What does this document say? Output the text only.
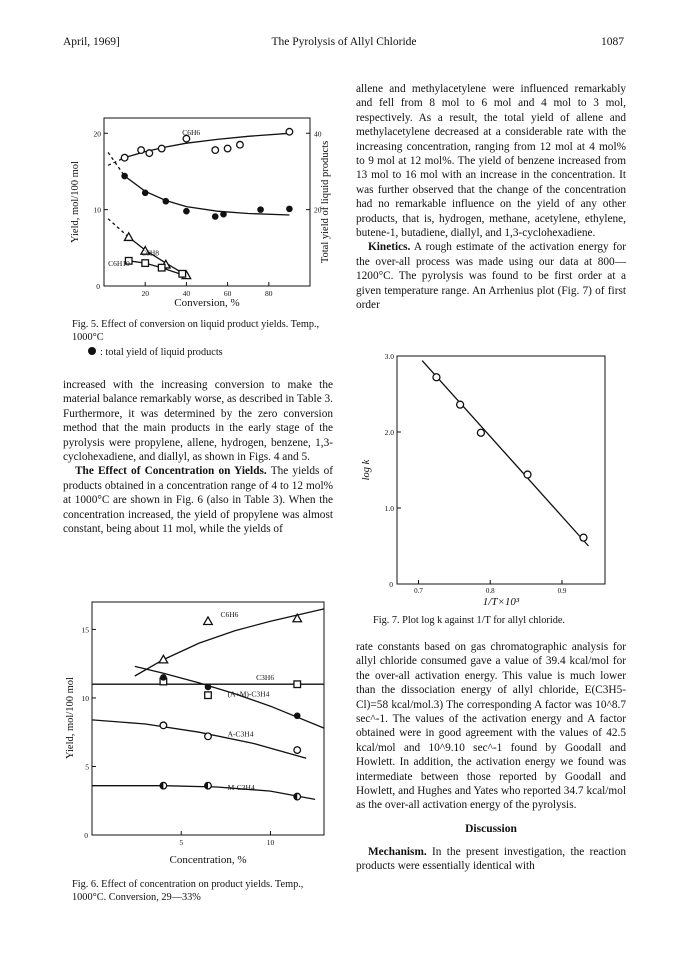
April, 1969]	The Pyrolysis of Allyl Chloride	1087
20	40	60	80
0
10
20
20
40
C6H6
C6H8
C6H10
Conversion, %
Yield, mol/100 mol	Total yield of liquid products
Fig. 5. Effect of conversion on liquid product yields. Temp., 1000°C
: total yield of liquid products

increased with the increasing conversion to make the material balance remarkably worse, as described in Table 3. Furthermore, it was determined by the zero conversion method that the main products in the early stage of the pyrolysis were propylene, allene, hydrogen, benzene, 1,3-cyclohexadiene, and diallyl, as shown in Figs. 4 and 5.

The Effect of Concentration on Yields. The yields of products obtained in a concentration range of 4 to 12 mol% at 1000°C are shown in Fig. 6 (also in Table 3). When the concentration increased, the yield of propylene was almost constant, being about 11 mol, while the yields of

5	10
0
5
10
15
C6H6
C3H6
(A+M)-C3H4
A-C3H4
M-C3H4
Concentration, %
Yield, mol/100 mol
Fig. 6. Effect of concentration on product yields. Temp., 1000°C. Conversion, 29—33%

allene and methylacetylene were influenced remarkably and fell from 8 mol to 6 mol and 4 mol to 3 mol, respectively. As a result, the total yield of allene and methylacetylene decreased at a considerable rate with the increasing concentration, ranging from 12 mol at 4 mol% to 9 mol at 12 mol%. The yield of benzene increased from 13 mol to 16 mol with an increase in the concentration. It was further observed that the change of the concentration had no remarkable influence on the yield of any other products, that is, hydrogen, methane, acetylene, ethylene, butene-1, butadiene, diallyl, and 1,3-cyclohexadiene.

Kinetics. A rough estimate of the activation energy for the over-all process was made using our data at 800—1200°C. The pyrolysis was found to be first order at a given temperature range. An Arrhenius plot (Fig. 7) of first order

0.7	0.8	0.9
0
1.0
2.0
3.0
1/T×10³
log k
Fig. 7. Plot log k against 1/T for allyl chloride.

rate constants based on gas chromatographic analysis for allyl chloride consumed gave a value of 39.4 kcal/mol for the over-all activation energy. This value is much lower than the dissociation energy of allyl chloride, E(C3H5-Cl)=58 kcal/mol.3) The corresponding A factor was 10^8.7 sec^-1. The values of the activation energy and A factor obtained were in good agreement with the values of 42.5 kcal/mol and 10^9.10 sec^-1 found by Goodall and Howlett. In addition, the activation energy we found was intermediate between those reported by Goodall and Howlett, and Hughes and Yates who reported 34.7 kcal/mol as the over-all activation energy of the pyrolysis.

Discussion

Mechanism. In the present investigation, the reaction products were essentially identical with
